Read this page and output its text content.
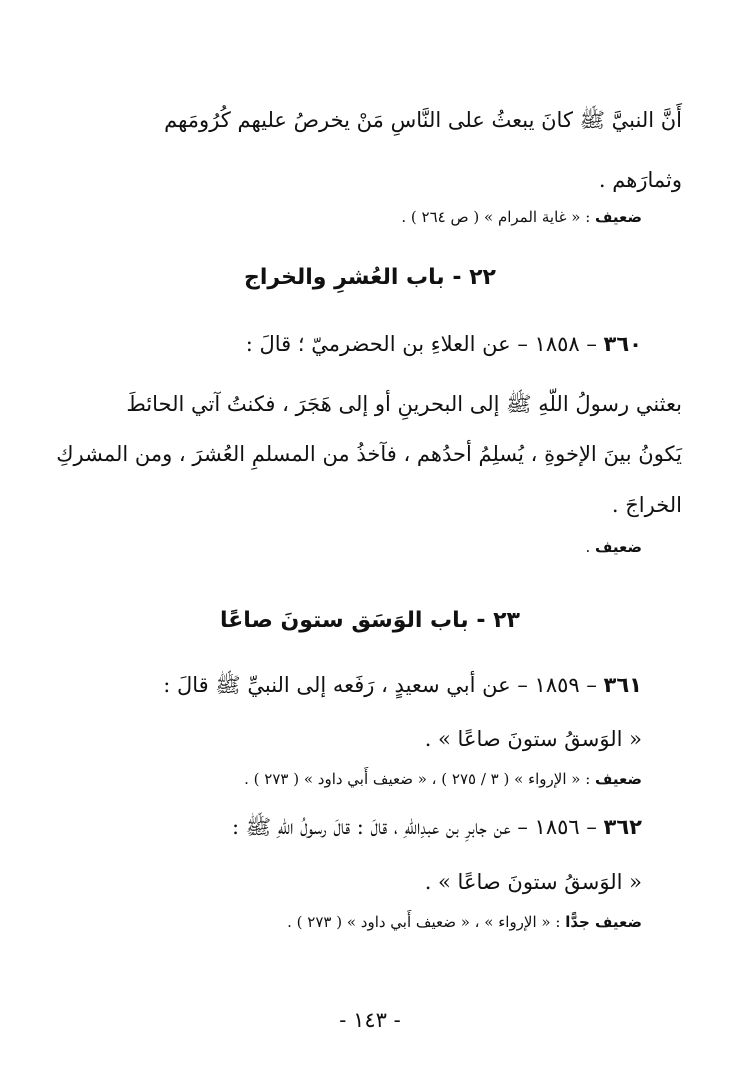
أَنَّ النبيَّ ﷺ كانَ يبعثُ على النَّاسِ مَنْ يخرصُ عليهم كُرُومَهم
وثمارَهم .
ضعيف : « غاية المرام » ( ص ٢٦٤ ) .
٢٢ - باب العُشرِ والخراج
٣٦٠ – ١٨٥٨ – عن العلاءِ بن الحضرميّ ؛ قالَ :
بعثني رسولُ اللّهِ ﷺ إلى البحرينِ أو إلى هَجَرَ ، فكنتُ آتي الحائطَ
يَكونُ بينَ الإخوةِ ، يُسلِمُ أحدُهم ، فآخذُ من المسلمِ العُشرَ ، ومن المشركِ
الخراجَ .
ضعيف .
٢٣ - باب الوَسَق ستونَ صاعًا
٣٦١ – ١٨٥٩ – عن أبي سعيدٍ ، رَفَعه إلى النبيِّ ﷺ قالَ :
« الوَسقُ ستونَ صاعًا » .
ضعيف : « الإرواء » ( ٣ / ٢٧٥ ) ، « ضعيف أَبي داود » ( ٢٧٣ ) .
٣٦٢ – ١٨٥٦ – عن جابرِ بن عبدِاللّهِ ، قالَ : قالَ رسولُ اللّهِ ﷺ :
« الوَسقُ ستونَ صاعًا » .
ضعيف جدًّا : « الإرواء » ، « ضعيف أَبي داود » ( ٢٧٣ ) .
- ١٤٣ -
